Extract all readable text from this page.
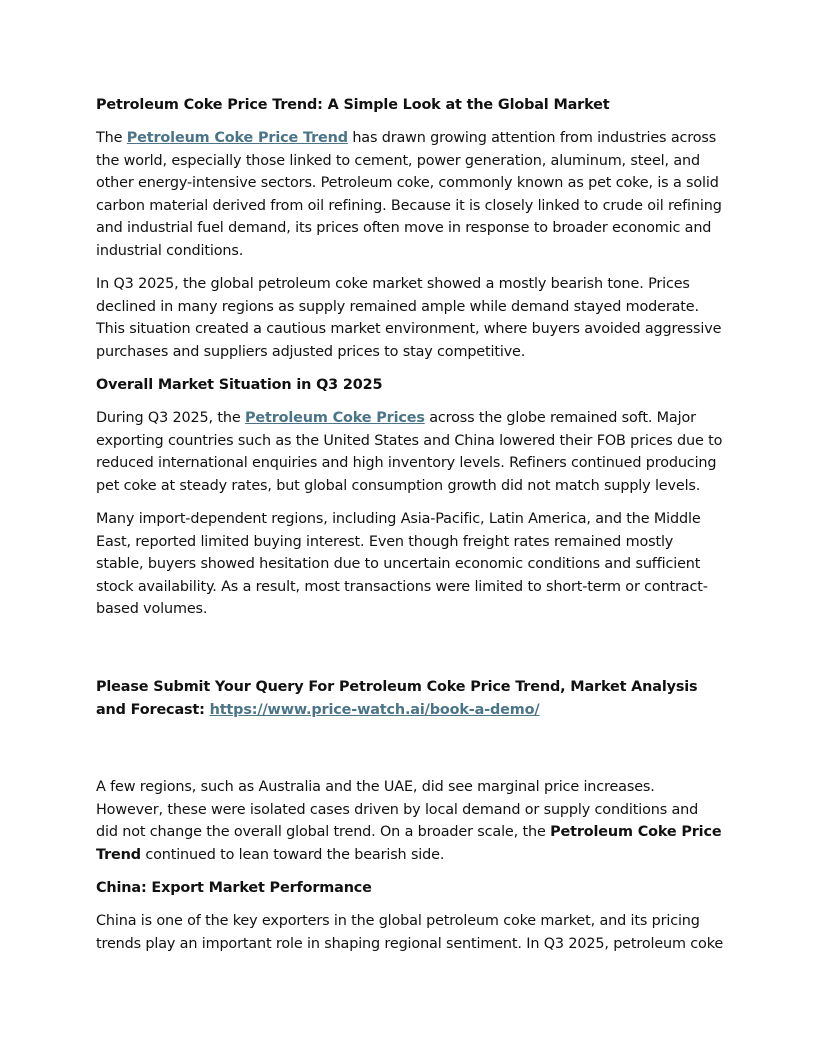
Petroleum Coke Price Trend: A Simple Look at the Global Market

The Petroleum Coke Price Trend has drawn growing attention from industries across the world, especially those linked to cement, power generation, aluminum, steel, and other energy-intensive sectors. Petroleum coke, commonly known as pet coke, is a solid carbon material derived from oil refining. Because it is closely linked to crude oil refining and industrial fuel demand, its prices often move in response to broader economic and industrial conditions.

In Q3 2025, the global petroleum coke market showed a mostly bearish tone. Prices declined in many regions as supply remained ample while demand stayed moderate. This situation created a cautious market environment, where buyers avoided aggressive purchases and suppliers adjusted prices to stay competitive.

Overall Market Situation in Q3 2025

During Q3 2025, the Petroleum Coke Prices across the globe remained soft. Major exporting countries such as the United States and China lowered their FOB prices due to reduced international enquiries and high inventory levels. Refiners continued producing pet coke at steady rates, but global consumption growth did not match supply levels.

Many import-dependent regions, including Asia-Pacific, Latin America, and the Middle East, reported limited buying interest. Even though freight rates remained mostly stable, buyers showed hesitation due to uncertain economic conditions and sufficient stock availability. As a result, most transactions were limited to short-term or contract-based volumes.

Please Submit Your Query For Petroleum Coke Price Trend, Market Analysis and Forecast: https://www.price-watch.ai/book-a-demo/

A few regions, such as Australia and the UAE, did see marginal price increases. However, these were isolated cases driven by local demand or supply conditions and did not change the overall global trend. On a broader scale, the Petroleum Coke Price Trend continued to lean toward the bearish side.

China: Export Market Performance

China is one of the key exporters in the global petroleum coke market, and its pricing trends play an important role in shaping regional sentiment. In Q3 2025, petroleum coke
